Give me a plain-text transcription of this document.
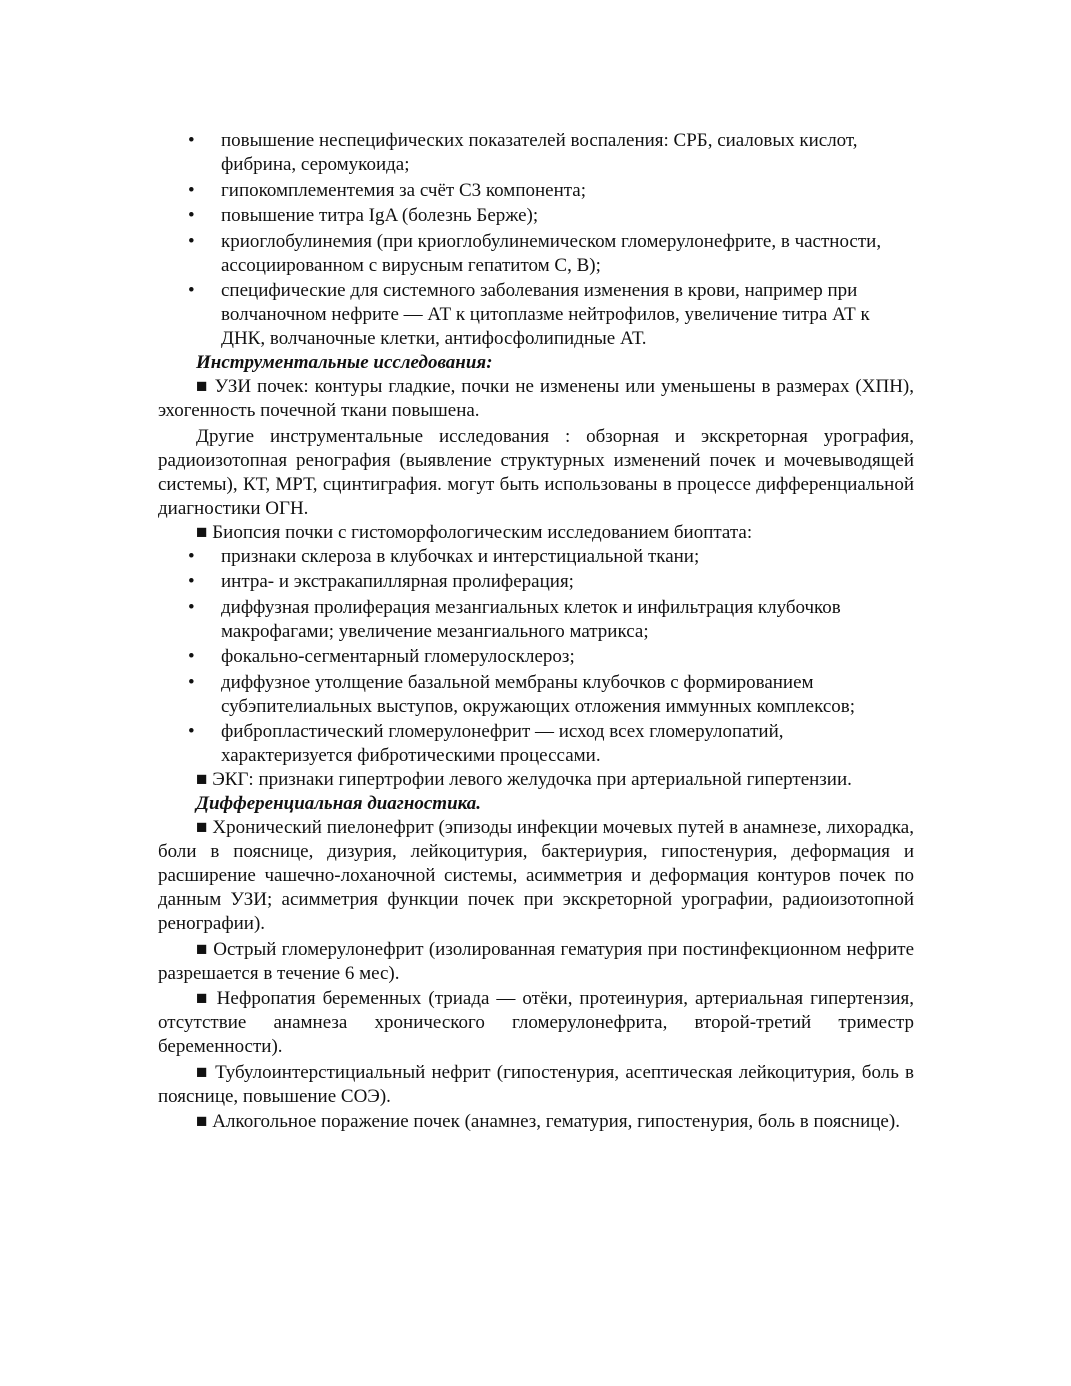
• повышение неспецифических показателей воспаления: СРБ, сиаловых кислот, фибрина, серомукоида;
• гипокомплементемия за счёт С3 компонента;
• повышение титра IgA (болезнь Берже);
• криоглобулинемия (при криоглобулинемическом гломерулонефрите, в частности, ассоциированном с вирусным гепатитом С, В);
• специфические для системного заболевания изменения в крови, например при волчаночном нефрите — АТ к цитоплазме нейтрофилов, увеличение титра АТ к ДНК, волчаночные клетки, антифосфолипидные АТ.

Инструментальные исследования:

■ УЗИ почек: контуры гладкие, почки не изменены или уменьшены в размерах (ХПН), эхогенность почечной ткани повышена.

Другие инструментальные исследования : обзорная и экскреторная урография, радиоизотопная ренография (выявление структурных изменений почек и мочевыводящей системы), КТ, МРТ, сцинтиграфия. могут быть использованы в процессе дифференциальной диагностики ОГН.

■ Биопсия почки с гистоморфологическим исследованием биоптата:

• признаки склероза в клубочках и интерстициальной ткани;
• интра- и экстракапиллярная пролиферация;
• диффузная пролиферация мезангиальных клеток и инфильтрация клубочков макрофагами; увеличение мезангиального матрикса;
• фокально-сегментарный гломерулосклероз;
• диффузное утолщение базальной мембраны клубочков с формированием субэпителиальных выступов, окружающих отложения иммунных комплексов;
• фибропластический гломерулонефрит — исход всех гломерулопатий, характеризуется фибротическими процессами.

■ ЭКГ: признаки гипертрофии левого желудочка при артериальной гипертензии.

Дифференциальная диагностика.

■ Хронический пиелонефрит (эпизоды инфекции мочевых путей в анамнезе, лихорадка, боли в пояснице, дизурия, лейкоцитурия, бактериурия, гипостенурия, деформация и расширение чашечно-лоханочной системы, асимметрия и деформация контуров почек по данным УЗИ; асимметрия функции почек при экскреторной урографии, радиоизотопной ренографии).

■ Острый гломерулонефрит (изолированная гематурия при постинфекционном нефрите разрешается в течение 6 мес).

■ Нефропатия беременных (триада — отёки, протеинурия, артериальная гипертензия, отсутствие анамнеза хронического гломерулонефрита, второй-третий триместр беременности).

■ Тубулоинтерстициальный нефрит (гипостенурия, асептическая лейкоцитурия, боль в пояснице, повышение СОЭ).

■ Алкогольное поражение почек (анамнез, гематурия, гипостенурия, боль в пояснице).
